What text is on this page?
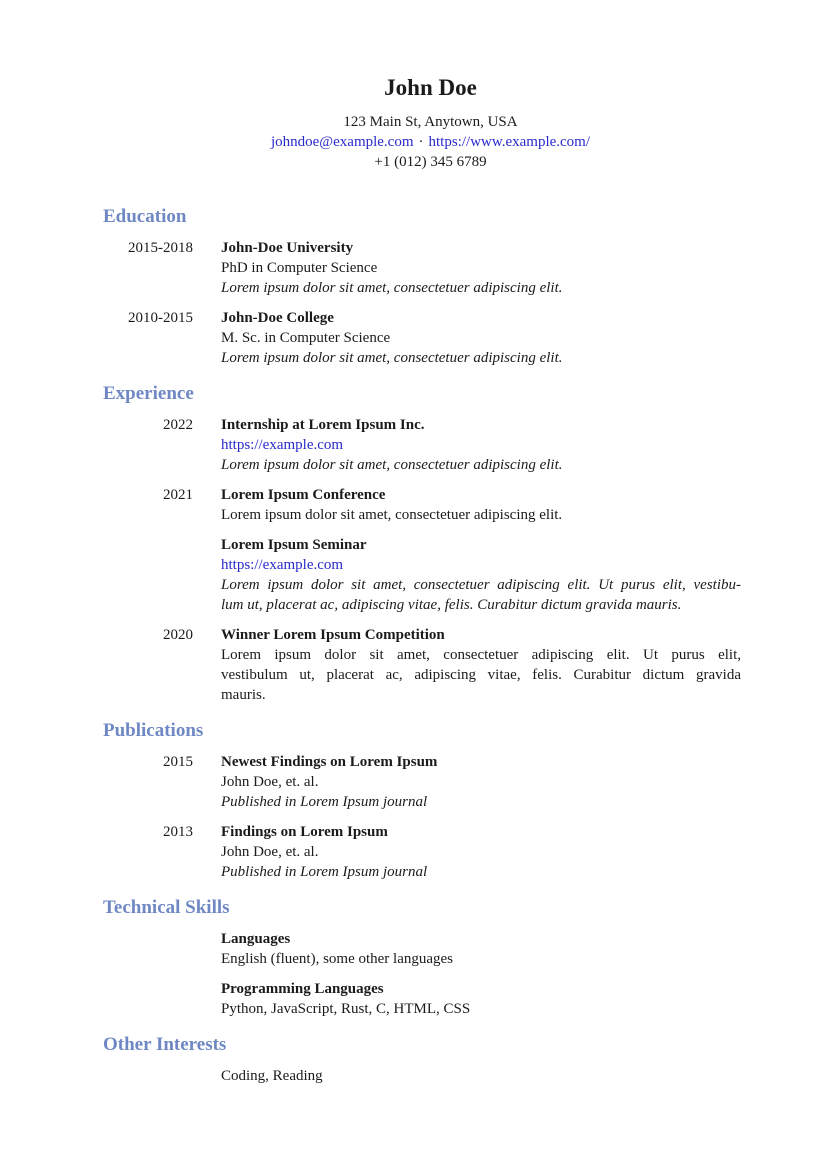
John Doe
123 Main St, Anytown, USA
johndoe@example.com · https://www.example.com/
+1 (012) 345 6789
Education
2015-2018 John-Doe University
PhD in Computer Science
Lorem ipsum dolor sit amet, consectetuer adipiscing elit.
2010-2015 John-Doe College
M. Sc. in Computer Science
Lorem ipsum dolor sit amet, consectetuer adipiscing elit.
Experience
2022 Internship at Lorem Ipsum Inc.
https://example.com
Lorem ipsum dolor sit amet, consectetuer adipiscing elit.
2021 Lorem Ipsum Conference
Lorem ipsum dolor sit amet, consectetuer adipiscing elit.
Lorem Ipsum Seminar
https://example.com
Lorem ipsum dolor sit amet, consectetuer adipiscing elit. Ut purus elit, vestibu-
lum ut, placerat ac, adipiscing vitae, felis. Curabitur dictum gravida mauris.
2020 Winner Lorem Ipsum Competition
Lorem ipsum dolor sit amet, consectetuer adipiscing elit. Ut purus elit,
vestibulum ut, placerat ac, adipiscing vitae, felis. Curabitur dictum gravida
mauris.
Publications
2015 Newest Findings on Lorem Ipsum
John Doe, et. al.
Published in Lorem Ipsum journal
2013 Findings on Lorem Ipsum
John Doe, et. al.
Published in Lorem Ipsum journal
Technical Skills
Languages
English (fluent), some other languages
Programming Languages
Python, JavaScript, Rust, C, HTML, CSS
Other Interests
Coding, Reading
